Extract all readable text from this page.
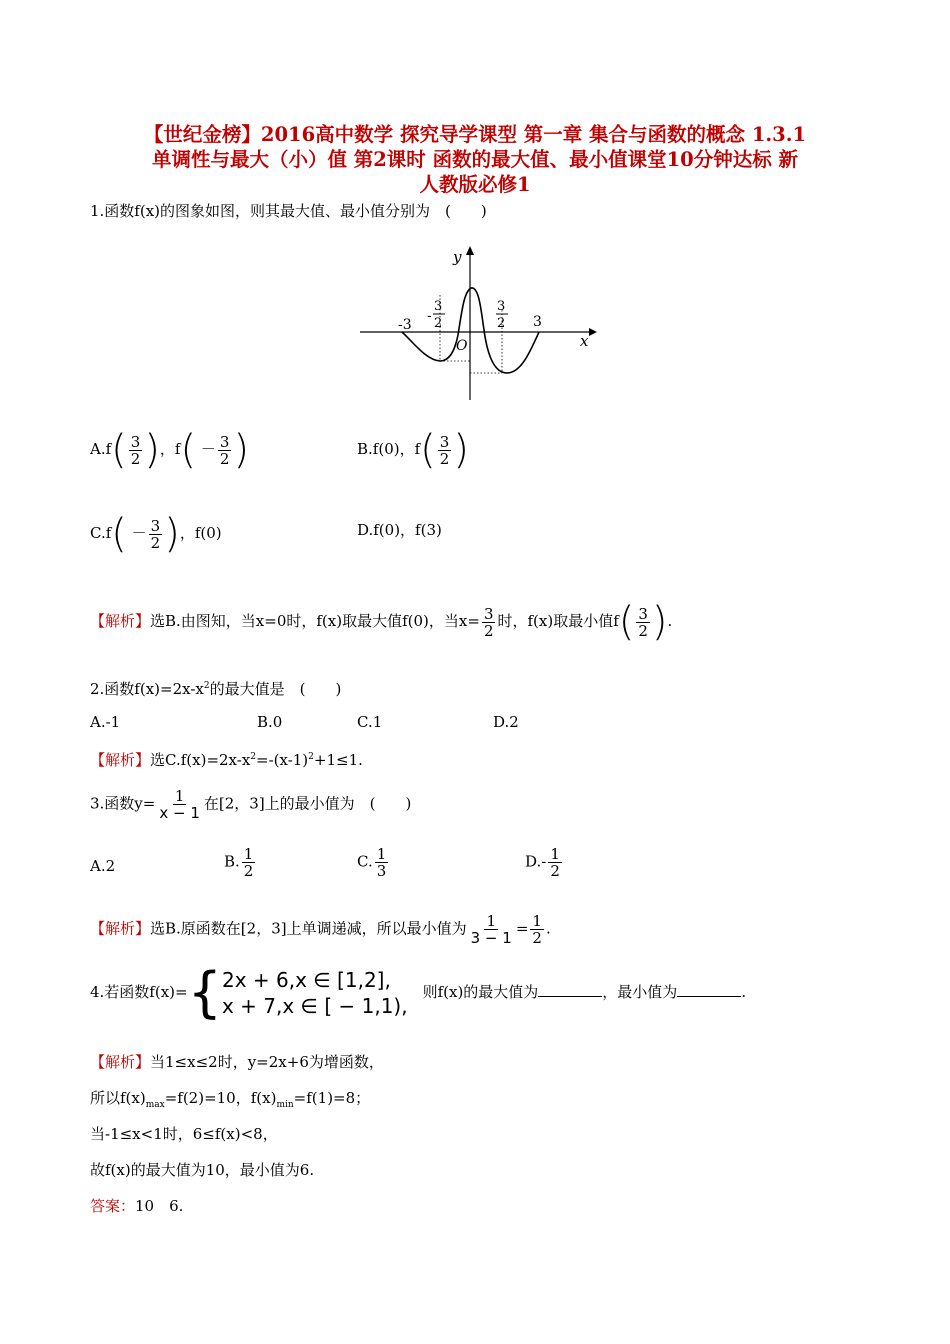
【世纪金榜】2016高中数学 探究导学课型 第一章 集合与函数的概念 1.3.1
单调性与最大（小）值 第2课时 函数的最大值、最小值课堂10分钟达标 新
人教版必修1
1.函数f(x)的图象如图，则其最大值、最小值分别为　(　　)
y
x
O
-3	3
-
3
2
3
2
$A.f( \frac{3}{2}$ )，$f( - \frac{3}{2}$ )	B.f(0)，$f( \frac{3}{2}$ )
$C.f( - \frac{3}{2}$ )，f(0)	D.f(0)，f(3)
【解析】选B.由图知，当x=0时，f(x)取最大值f(0)，当$x= \frac{3}{2}$ 时，f(x)取最小值$f( \frac{3}{2}$ ).
2.函数$f(x)=2x-x^2$的最大值是　(　　)
A.-1	B.0	C.1	D.2
【解析】选$C.f(x)=2x-x^2=-(x-1)^2+1\le 1$.
3.函数$y= \frac{1}{x - 1}$ 在[2，3]上的最小值为　(　　)
A.2	B. $\frac{1}{2}$	C. $\frac{1}{3}$	$D.- \frac{1}{2}$
【解析】选B.原函数在[2，3]上单调递减，所以最小值为 $\frac{1}{3 - 1} = \frac{1}{2}$ .
4.若函数f(x)={ 2x + 6,x ∈ [1,2],
x + 7,x ∈ [ − 1,1),
　则f(x)的最大值为	，最小值为	.
【解析】当1≤x≤2时，y=2x+6为增函数，
所以$f(x)_{max}=f(2)=10$，$f(x)_{min}=f(1)=8$；
当-1≤x<1时，6≤f(x)<8，
故f(x)的最大值为10，最小值为6.
答案：10　6.
